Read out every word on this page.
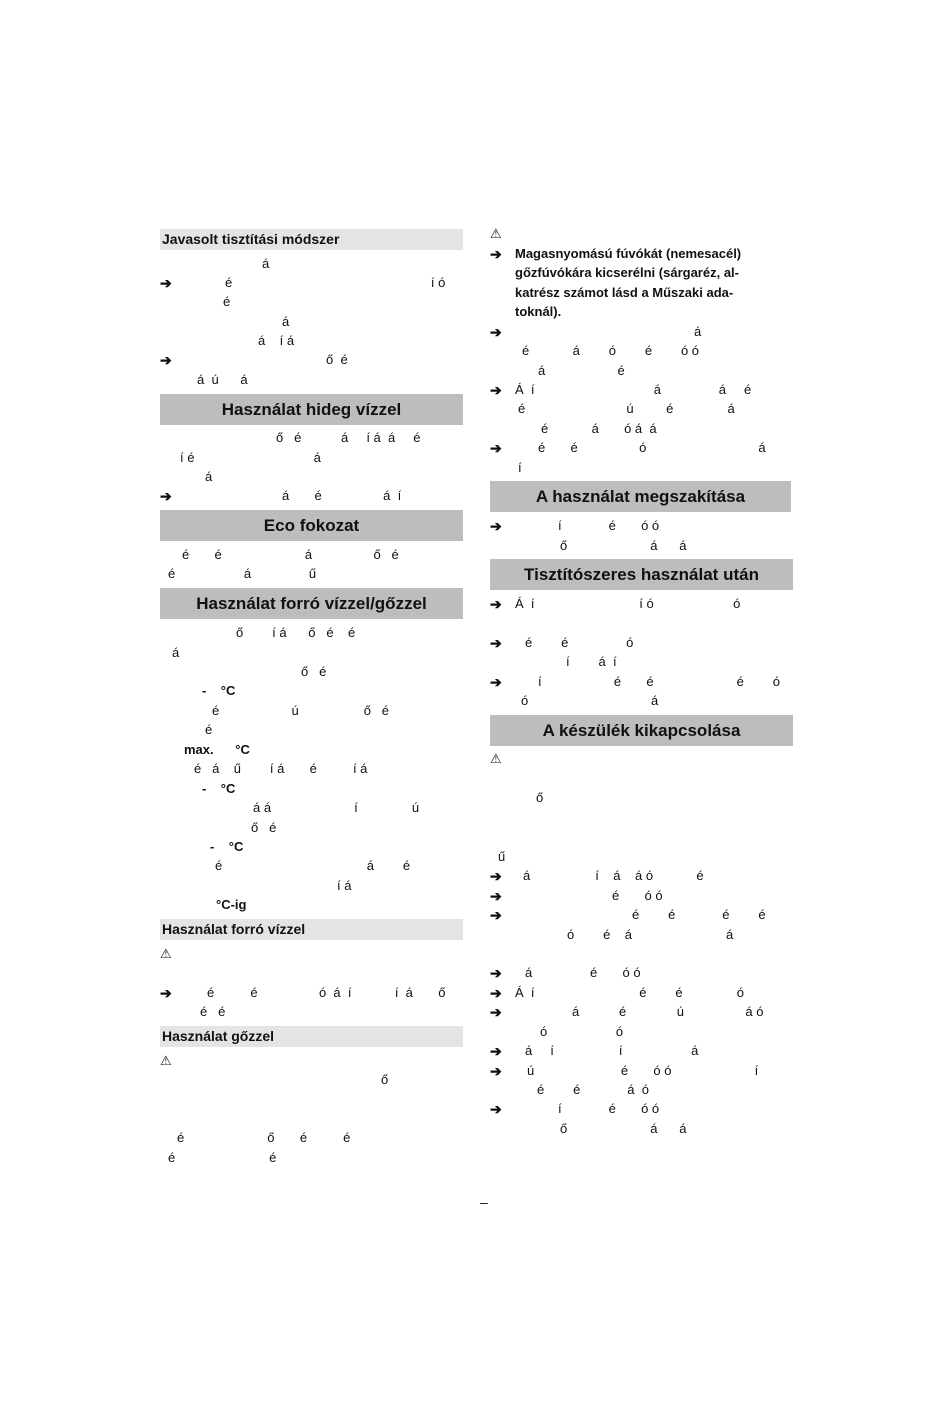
Javasolt tisztítási módszer
á
➔	é                                                       í ó
é
á
á    í á
➔	ő  é
á  ú      á
Használat hideg vízzel
ő   é           á     í á  á     é
í é                                 á
á
➔	á       é                 á  í
Eco fokozat
é       é                       á                 ő   é
é                   á                ű
Használat forró vízzel/gőzzel
ő        í á      ő   é    é
á
ő   é
-    °C
é                    ú                  ő   é
é
max.      °C
é   á    ű        í á       é          í á
-    °C
á á                       í               ú
ő   é
-    °C
é                                        á        é
í á
°C-ig
Használat forró vízzel
⚠
➔	é          é                 ó  á  í            í  á       ő
é   é
Használat gőzzel
⚠
ő
é                       ő       é          é
é                          é
⚠
➔ Magasnyomású fúvókát (nemesacél)
gőzfúvókára kicserélni (sárgaréz, al-
katrész számot lásd a Műszaki ada-
toknál).
➔	á
é            á        ó        é        ó ó
á                    é
➔ Á  í                                 á                á     é
é                            ú         é               á
é            á       ó á  á
➔	é       é                 ó                               á
í
A használat megszakítása
➔	í             é       ó ó
ő                       á      á
Tisztítószeres használat után
➔ Á  í                             í ó                      ó
➔ é        é                ó
í        á  í
➔	í                    é       é                       é        ó
ó                                  á
A készülék kikapcsolása
⚠
ő
ű
➔ á                  í    á    á ó            é
➔	é       ó ó
➔	é        é             é        é
ó        é    á                          á
➔ á                é       ó ó
➔ Á  í                             é        é               ó
➔	á           é              ú                 á ó
ó                   ó
➔ á     í                  í                   á
➔ ú                        é       ó ó                       í
é        é             á  ó
➔	í             é       ó ó
ő                       á      á
–
